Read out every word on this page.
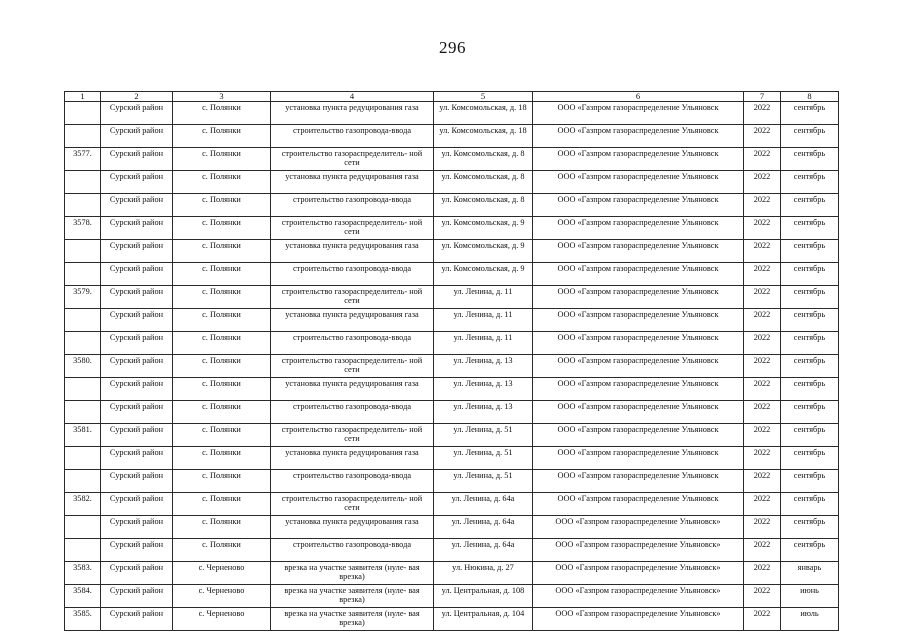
296
1	2	3	4	5	6	7	8
	Сурский район	с. Полянки	установка пункта редуцирования газа	ул. Комсомольская, д. 18	ООО «Газпром газораспределение Ульяновск	2022	сентябрь
	Сурский район	с. Полянки	строительство газопровода-ввода	ул. Комсомольская, д. 18	ООО «Газпром газораспределение Ульяновск	2022	сентябрь
3577.	Сурский район	с. Полянки	строительство газораспределитель- ной сети	ул. Комсомольская, д. 8	ООО «Газпром газораспределение Ульяновск	2022	сентябрь
	Сурский район	с. Полянки	установка пункта редуцирования газа	ул. Комсомольская, д. 8	ООО «Газпром газораспределение Ульяновск	2022	сентябрь
	Сурский район	с. Полянки	строительство газопровода-ввода	ул. Комсомольская, д. 8	ООО «Газпром газораспределение Ульяновск	2022	сентябрь
3578.	Сурский район	с. Полянки	строительство газораспределитель- ной сети	ул. Комсомольская, д. 9	ООО «Газпром газораспределение Ульяновск	2022	сентябрь
	Сурский район	с. Полянки	установка пункта редуцирования газа	ул. Комсомольская, д. 9	ООО «Газпром газораспределение Ульяновск	2022	сентябрь
	Сурский район	с. Полянки	строительство газопровода-ввода	ул. Комсомольская, д. 9	ООО «Газпром газораспределение Ульяновск	2022	сентябрь
3579.	Сурский район	с. Полянки	строительство газораспределитель- ной сети	ул. Ленина, д. 11	ООО «Газпром газораспределение Ульяновск	2022	сентябрь
	Сурский район	с. Полянки	установка пункта редуцирования газа	ул. Ленина, д. 11	ООО «Газпром газораспределение Ульяновск	2022	сентябрь
	Сурский район	с. Полянки	строительство газопровода-ввода	ул. Ленина, д. 11	ООО «Газпром газораспределение Ульяновск	2022	сентябрь
3580.	Сурский район	с. Полянки	строительство газораспределитель- ной сети	ул. Ленина, д. 13	ООО «Газпром газораспределение Ульяновск	2022	сентябрь
	Сурский район	с. Полянки	установка пункта редуцирования газа	ул. Ленина, д. 13	ООО «Газпром газораспределение Ульяновск	2022	сентябрь
	Сурский район	с. Полянки	строительство газопровода-ввода	ул. Ленина, д. 13	ООО «Газпром газораспределение Ульяновск	2022	сентябрь
3581.	Сурский район	с. Полянки	строительство газораспределитель- ной сети	ул. Ленина, д. 51	ООО «Газпром газораспределение Ульяновск	2022	сентябрь
	Сурский район	с. Полянки	установка пункта редуцирования газа	ул. Ленина, д. 51	ООО «Газпром газораспределение Ульяновск	2022	сентябрь
	Сурский район	с. Полянки	строительство газопровода-ввода	ул. Ленина, д. 51	ООО «Газпром газораспределение Ульяновск	2022	сентябрь
3582.	Сурский район	с. Полянки	строительство газораспределитель- ной сети	ул. Ленина, д. 64а	ООО «Газпром газораспределение Ульяновск	2022	сентябрь
	Сурский район	с. Полянки	установка пункта редуцирования газа	ул. Ленина, д. 64а	ООО «Газпром газораспределение Ульяновск»	2022	сентябрь
	Сурский район	с. Полянки	строительство газопровода-ввода	ул. Ленина, д. 64а	ООО «Газпром газораспределение Ульяновск»	2022	сентябрь
3583.	Сурский район	с. Черненово	врезка на участке заявителя (нуле- вая врезка)	ул. Нюкина, д. 27	ООО «Газпром газораспределение Ульяновск»	2022	январь
3584.	Сурский район	с. Черненово	врезка на участке заявителя (нуле- вая врезка)	ул. Центральная, д. 108	ООО «Газпром газораспределение Ульяновск»	2022	июнь
3585.	Сурский район	с. Черненово	врезка на участке заявителя (нуле- вая врезка)	ул. Центральная, д. 104	ООО «Газпром газораспределение Ульяновск»	2022	июль
